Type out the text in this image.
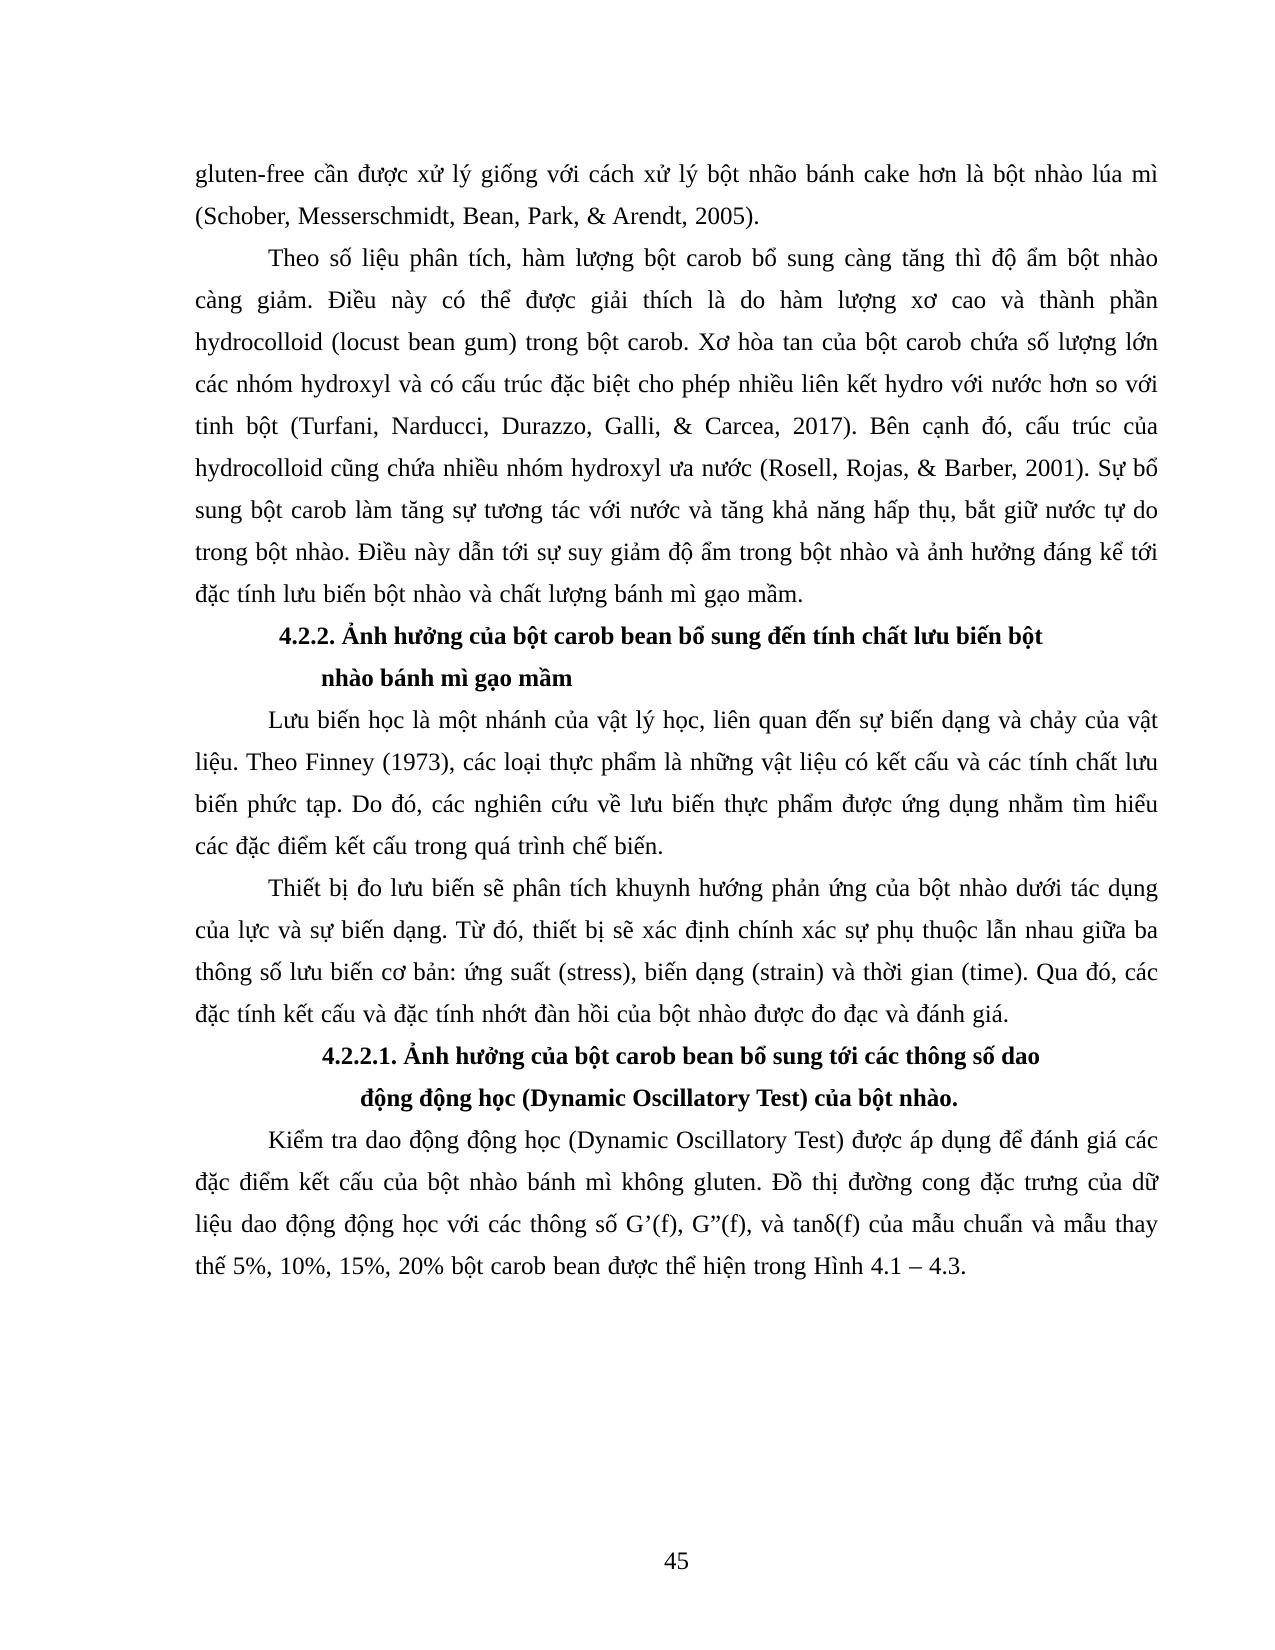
gluten-free cần được xử lý giống với cách xử lý bột nhão bánh cake hơn là bột nhào lúa mì (Schober, Messerschmidt, Bean, Park, & Arendt, 2005).

Theo số liệu phân tích, hàm lượng bột carob bổ sung càng tăng thì độ ẩm bột nhào càng giảm. Điều này có thể được giải thích là do hàm lượng xơ cao và thành phần hydrocolloid (locust bean gum) trong bột carob. Xơ hòa tan của bột carob chứa số lượng lớn các nhóm hydroxyl và có cấu trúc đặc biệt cho phép nhiều liên kết hydro với nước hơn so với tinh bột (Turfani, Narducci, Durazzo, Galli, & Carcea, 2017). Bên cạnh đó, cấu trúc của hydrocolloid cũng chứa nhiều nhóm hydroxyl ưa nước (Rosell, Rojas, & Barber, 2001). Sự bổ sung bột carob làm tăng sự tương tác với nước và tăng khả năng hấp thụ, bắt giữ nước tự do trong bột nhào. Điều này dẫn tới sự suy giảm độ ẩm trong bột nhào và ảnh hưởng đáng kể tới đặc tính lưu biến bột nhào và chất lượng bánh mì gạo mầm.

4.2.2. Ảnh hưởng của bột carob bean bổ sung đến tính chất lưu biến bột
nhào bánh mì gạo mầm

Lưu biến học là một nhánh của vật lý học, liên quan đến sự biến dạng và chảy của vật liệu. Theo Finney (1973), các loại thực phẩm là những vật liệu có kết cấu và các tính chất lưu biến phức tạp. Do đó, các nghiên cứu về lưu biến thực phẩm được ứng dụng nhằm tìm hiểu các đặc điểm kết cấu trong quá trình chế biến.

Thiết bị đo lưu biến sẽ phân tích khuynh hướng phản ứng của bột nhào dưới tác dụng của lực và sự biến dạng. Từ đó, thiết bị sẽ xác định chính xác sự phụ thuộc lẫn nhau giữa ba thông số lưu biến cơ bản: ứng suất (stress), biến dạng (strain) và thời gian (time). Qua đó, các đặc tính kết cấu và đặc tính nhớt đàn hồi của bột nhào được đo đạc và đánh giá.

4.2.2.1. Ảnh hưởng của bột carob bean bổ sung tới các thông số dao
động động học (Dynamic Oscillatory Test) của bột nhào.

Kiểm tra dao động động học (Dynamic Oscillatory Test) được áp dụng để đánh giá các đặc điểm kết cấu của bột nhào bánh mì không gluten. Đồ thị đường cong đặc trưng của dữ liệu dao động động học với các thông số G’(f), G”(f), và tanδ(f) của mẫu chuẩn và mẫu thay thế 5%, 10%, 15%, 20% bột carob bean được thể hiện trong Hình 4.1 – 4.3.

45
